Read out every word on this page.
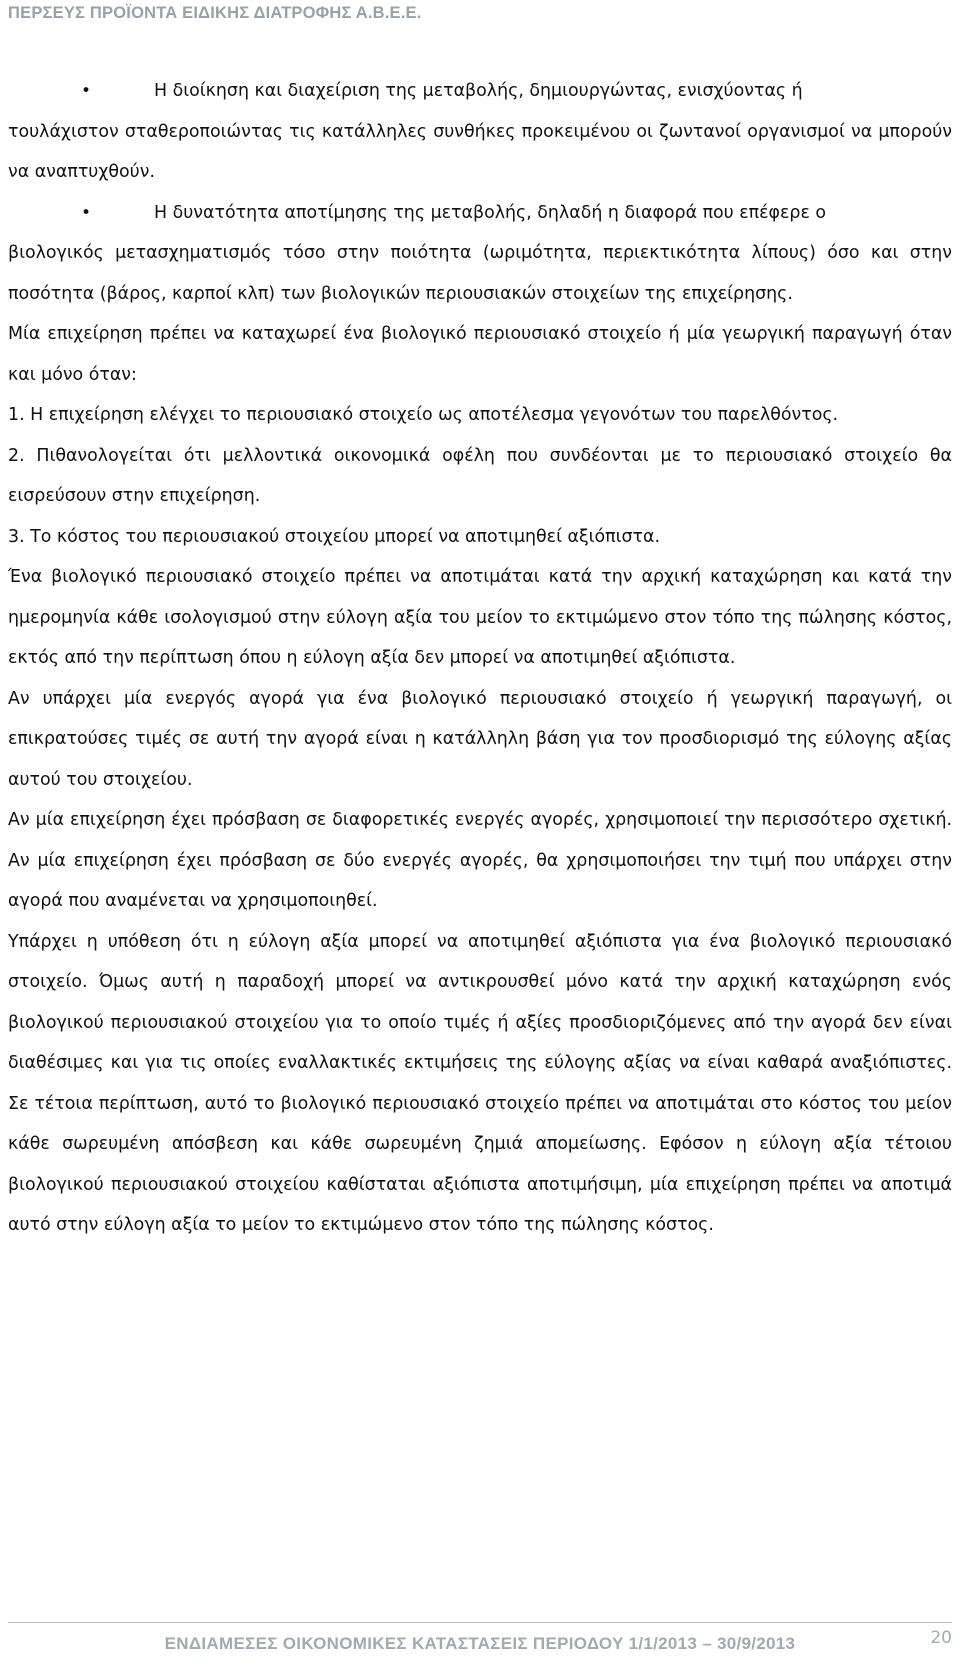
ΠΕΡΣΕΥΣ ΠΡΟΪΟΝΤΑ ΕΙΔΙΚΗΣ ΔΙΑΤΡΟΦΗΣ Α.Β.Ε.Ε.

•	Η διοίκηση και διαχείριση της μεταβολής, δημιουργώντας, ενισχύοντας ή
τουλάχιστον σταθεροποιώντας τις κατάλληλες συνθήκες προκειμένου οι ζωντανοί οργανισμοί να μπορούν να αναπτυχθούν.

•	Η δυνατότητα αποτίμησης της μεταβολής, δηλαδή η διαφορά που επέφερε ο
βιολογικός μετασχηματισμός τόσο στην ποιότητα (ωριμότητα, περιεκτικότητα λίπους) όσο και στην ποσότητα (βάρος, καρποί κλπ) των βιολογικών περιουσιακών στοιχείων της επιχείρησης.

Μία επιχείρηση πρέπει να καταχωρεί ένα βιολογικό περιουσιακό στοιχείο ή μία γεωργική παραγωγή όταν και μόνο όταν:

1. Η επιχείρηση ελέγχει το περιουσιακό στοιχείο ως αποτέλεσμα γεγονότων του παρελθόντος.

2. Πιθανολογείται ότι μελλοντικά οικονομικά οφέλη που συνδέονται με το περιουσιακό στοιχείο θα εισρεύσουν στην επιχείρηση.

3. Το κόστος του περιουσιακού στοιχείου μπορεί να αποτιμηθεί αξιόπιστα.

Ένα βιολογικό περιουσιακό στοιχείο πρέπει να αποτιμάται κατά την αρχική καταχώρηση και κατά την ημερομηνία κάθε ισολογισμού στην εύλογη αξία του μείον το εκτιμώμενο στον τόπο της πώλησης κόστος, εκτός από την περίπτωση όπου η εύλογη αξία δεν μπορεί να αποτιμηθεί αξιόπιστα.

Αν υπάρχει μία ενεργός αγορά για ένα βιολογικό περιουσιακό στοιχείο ή γεωργική παραγωγή, οι επικρατούσες τιμές σε αυτή την αγορά είναι η κατάλληλη βάση για τον προσδιορισμό της εύλογης αξίας αυτού του στοιχείου.

Αν μία επιχείρηση έχει πρόσβαση σε διαφορετικές ενεργές αγορές, χρησιμοποιεί την περισσότερο σχετική. Αν μία επιχείρηση έχει πρόσβαση σε δύο ενεργές αγορές, θα χρησιμοποιήσει την τιμή που υπάρχει στην αγορά που αναμένεται να χρησιμοποιηθεί.

Υπάρχει η υπόθεση ότι η εύλογη αξία μπορεί να αποτιμηθεί αξιόπιστα για ένα βιολογικό περιουσιακό στοιχείο. Όμως αυτή η παραδοχή μπορεί να αντικρουσθεί μόνο κατά την αρχική καταχώρηση ενός βιολογικού περιουσιακού στοιχείου για το οποίο τιμές ή αξίες προσδιοριζόμενες από την αγορά δεν είναι διαθέσιμες και για τις οποίες εναλλακτικές εκτιμήσεις της εύλογης αξίας να είναι καθαρά αναξιόπιστες. Σε τέτοια περίπτωση, αυτό το βιολογικό περιουσιακό στοιχείο πρέπει να αποτιμάται στο κόστος του μείον κάθε σωρευμένη απόσβεση και κάθε σωρευμένη ζημιά απομείωσης. Εφόσον η εύλογη αξία τέτοιου βιολογικού περιουσιακού στοιχείου καθίσταται αξιόπιστα αποτιμήσιμη, μία επιχείρηση πρέπει να αποτιμά αυτό στην εύλογη αξία το μείον το εκτιμώμενο στον τόπο της πώλησης κόστος.

ΕΝΔΙΑΜΕΣΕΣ ΟΙΚΟΝΟΜΙΚΕΣ ΚΑΤΑΣΤΑΣΕΙΣ ΠΕΡΙΟΔΟΥ 1/1/2013 – 30/9/2013	20
